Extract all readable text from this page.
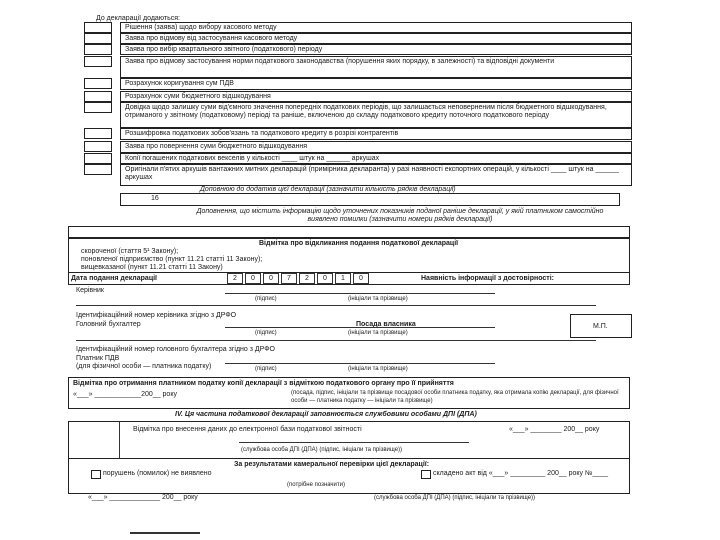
До декларації додаються:
Рішення (заява) щодо вибору касового методу
Заява про відмову від застосування касового методу
Заява про вибір квартального звітного (податкового) періоду
Заява про відмову застосування норми податкового законодавства (порушення яких порядку, в залежності) та відповідні документи
Розрахунок коригування сум ПДВ
Розрахунок суми бюджетного відшкодування
Довідка щодо залишку суми від'ємного значення попередніх податкових періодів, що залишається неповерненим після бюджетного відшкодування, отриманого у звітному (податковому) періоді та раніше, включеною до складу податкового кредиту поточного податкового періоду
Розшифровка податкових зобов'язань та податкового кредиту в розрізі контрагентів
Заява про повернення суми бюджетного відшкодування
Копії погашених податкових векселів у кількості ____ штук на ______ аркушах
Оригінали п'ятих аркушів вантажних митних декларацій (примірника декларанта) у разі наявності експортних операцій, у кількості ____ штук на ______ аркушах
Доповнюю до додатків цієї декларації (зазначити кількість рядків декларації)
16
Доповнення, що містить інформацію щодо уточнених показників поданої раніше декларації, у якій платником самостійно виявлено помилки (зазначити номери рядків декларації)
Відмітка про відкликання подання податкової декларації
скороченої (стаття 5¹ Закону);
поновленої підприємство (пункт 11.21 статті 11 Закону);
вищевказаної (пункт 11.21 статті 11 Закону)
Дата подання декларації	2	0	0	7	2	0	1	0	Наявність інформації з достовірності:
Керівник
(підпис)	(ініціали та прізвище)
Ідентифікаційний номер керівника згідно з ДРФО
Головний бухгалтер	Посада власника	М.П.
(підпис)	(ініціали та прізвище)
Ідентифікаційний номер головного бухгалтера згідно з ДРФО
Платник ПДВ
(для фізичної особи — платника податку)	(підпис)	(ініціали та прізвище)
Відмітка про отримання платником податку копії декларації з відміткою податкового органу про її прийняття
«___» ____________200__ року	(посада, підпис, ініціали та прізвище посадової особи платника податку, яка отримала копію декларації, для фізичної особи — платника податку — ініціали та прізвище)
IV. Ця частина податкової декларації заповнюється службовими особами ДПІ (ДПА)
Відмітка про внесення даних до електронної бази податкової звітності	«___» ________ 200__ року
(службова особа ДПІ (ДПА) (підпис, ініціали та прізвище))
За результатами камеральної перевірки цієї декларації:
порушень (помилок) не виявлено	складено акт від «___» _________ 200__ року №____
(потрібне позначити)
«___» _____________ 200__ року	(службова особа ДПІ (ДПА) (підпис, ініціали та прізвище))
